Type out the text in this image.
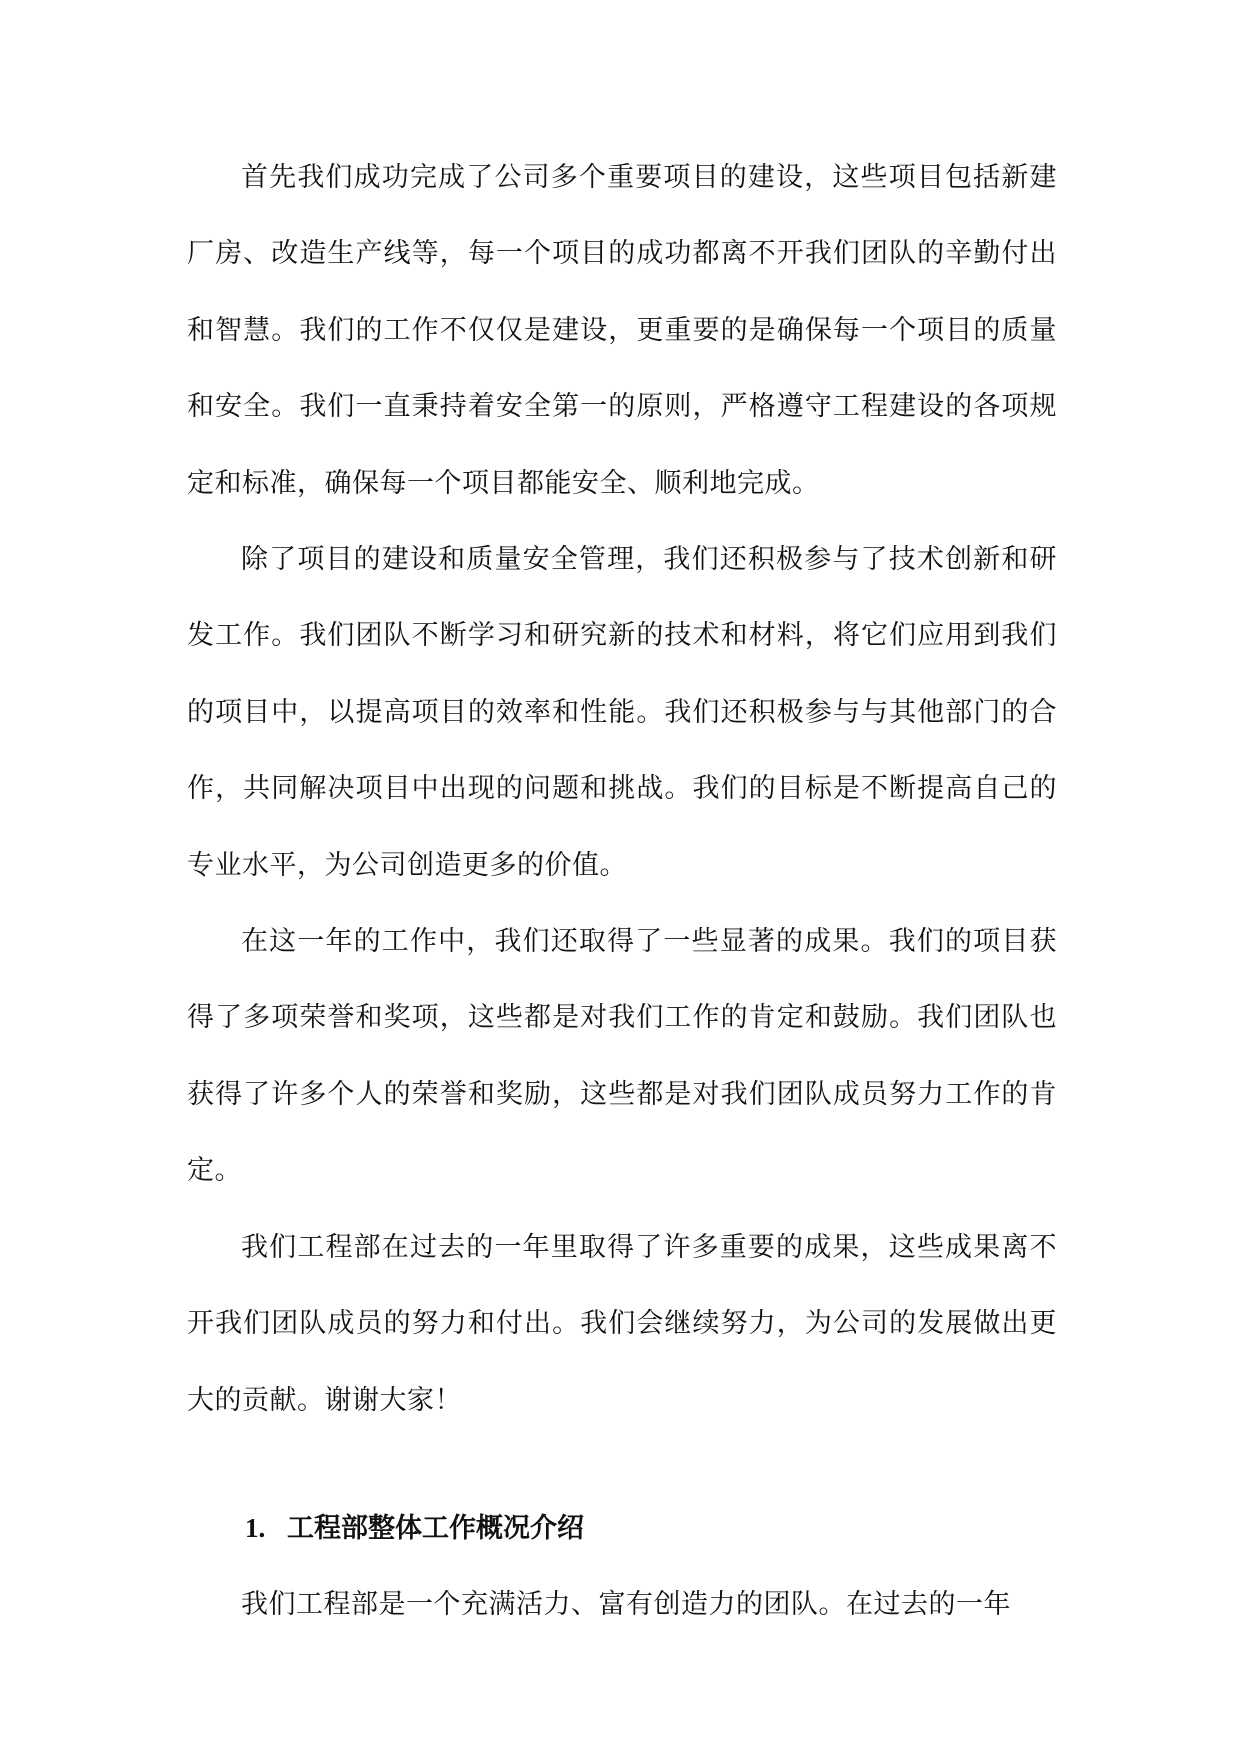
首先我们成功完成了公司多个重要项目的建设，这些项目包括新建厂房、改造生产线等，每一个项目的成功都离不开我们团队的辛勤付出和智慧。我们的工作不仅仅是建设，更重要的是确保每一个项目的质量和安全。我们一直秉持着安全第一的原则，严格遵守工程建设的各项规定和标准，确保每一个项目都能安全、顺利地完成。

除了项目的建设和质量安全管理，我们还积极参与了技术创新和研发工作。我们团队不断学习和研究新的技术和材料，将它们应用到我们的项目中，以提高项目的效率和性能。我们还积极参与与其他部门的合作，共同解决项目中出现的问题和挑战。我们的目标是不断提高自己的专业水平，为公司创造更多的价值。

在这一年的工作中，我们还取得了一些显著的成果。我们的项目获得了多项荣誉和奖项，这些都是对我们工作的肯定和鼓励。我们团队也获得了许多个人的荣誉和奖励，这些都是对我们团队成员努力工作的肯定。

我们工程部在过去的一年里取得了许多重要的成果，这些成果离不开我们团队成员的努力和付出。我们会继续努力，为公司的发展做出更大的贡献。谢谢大家！

1. 工程部整体工作概况介绍

我们工程部是一个充满活力、富有创造力的团队。在过去的一年
